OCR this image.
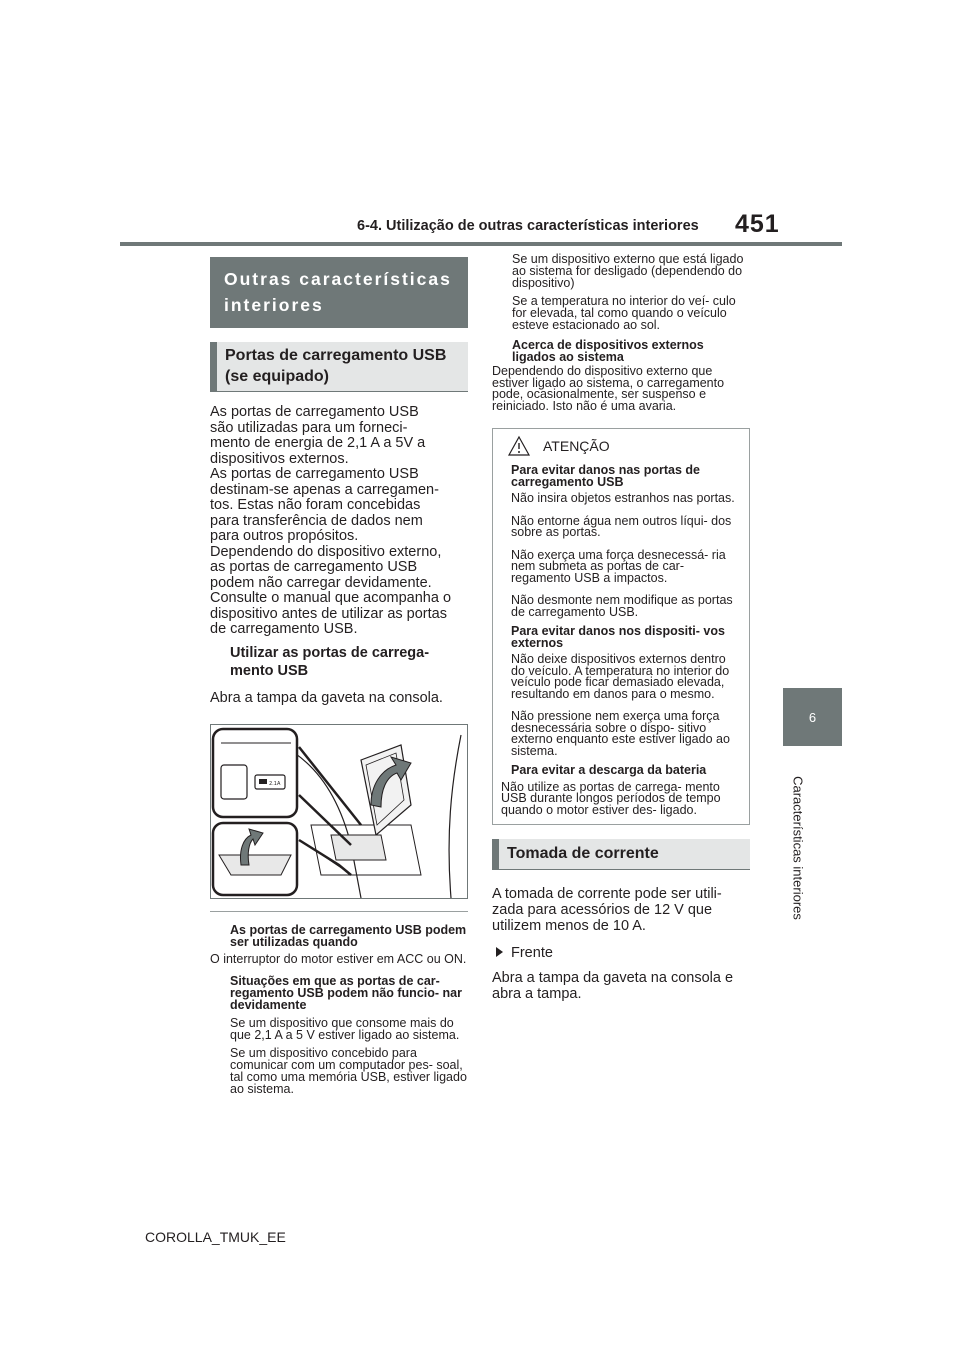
6-4. Utilização de outras características interiores 451
6
Características interiores
Outras características interiores
Portas de carregamento USB (se equipado)
As portas de carregamento USB
são utilizadas para um forneci-
mento de energia de 2,1 A a 5V a
dispositivos externos.
As portas de carregamento USB
destinam-se apenas a carregamen-
tos. Estas não foram concebidas
para transferência de dados nem
para outros propósitos.
Dependendo do dispositivo externo,
as portas de carregamento USB
podem não carregar devidamente.
Consulte o manual que acompanha o
dispositivo antes de utilizar as portas
de carregamento USB.
Utilizar as portas de carrega- mento USB
Abra a tampa da gaveta na consola.
2.1A
As portas de carregamento USB podem ser utilizadas quando
O interruptor do motor estiver em ACC ou ON.
Situações em que as portas de car- regamento USB podem não funcio- nar devidamente
Se um dispositivo que consome mais do que 2,1 A a 5 V estiver ligado ao sistema.
Se um dispositivo concebido para comunicar com um computador pes- soal, tal como uma memória USB, estiver ligado ao sistema.
Se um dispositivo externo que está ligado ao sistema for desligado (dependendo do dispositivo)
Se a temperatura no interior do veí- culo for elevada, tal como quando o veículo esteve estacionado ao sol.
Acerca de dispositivos externos ligados ao sistema
Dependendo do dispositivo externo que estiver ligado ao sistema, o carregamento pode, ocasionalmente, ser suspenso e reiniciado. Isto não é uma avaria.
ATENÇÃO
Para evitar danos nas portas de carregamento USB
Não insira objetos estranhos nas portas.
Não entorne água nem outros líqui- dos sobre as portas.
Não exerça uma força desnecessá- ria nem submeta as portas de car- regamento USB a impactos.
Não desmonte nem modifique as portas de carregamento USB.
Para evitar danos nos dispositi- vos externos
Não deixe dispositivos externos dentro do veículo. A temperatura no interior do veículo pode ficar demasiado elevada, resultando em danos para o mesmo.
Não pressione nem exerça uma força desnecessária sobre o dispo- sitivo externo enquanto este estiver ligado ao sistema.
Para evitar a descarga da bateria
Não utilize as portas de carrega- mento USB durante longos períodos de tempo quando o motor estiver des- ligado.
Tomada de corrente
A tomada de corrente pode ser utili- zada para acessórios de 12 V que utilizem menos de 10 A.
Frente
Abra a tampa da gaveta na consola e abra a tampa.
COROLLA_TMUK_EE
